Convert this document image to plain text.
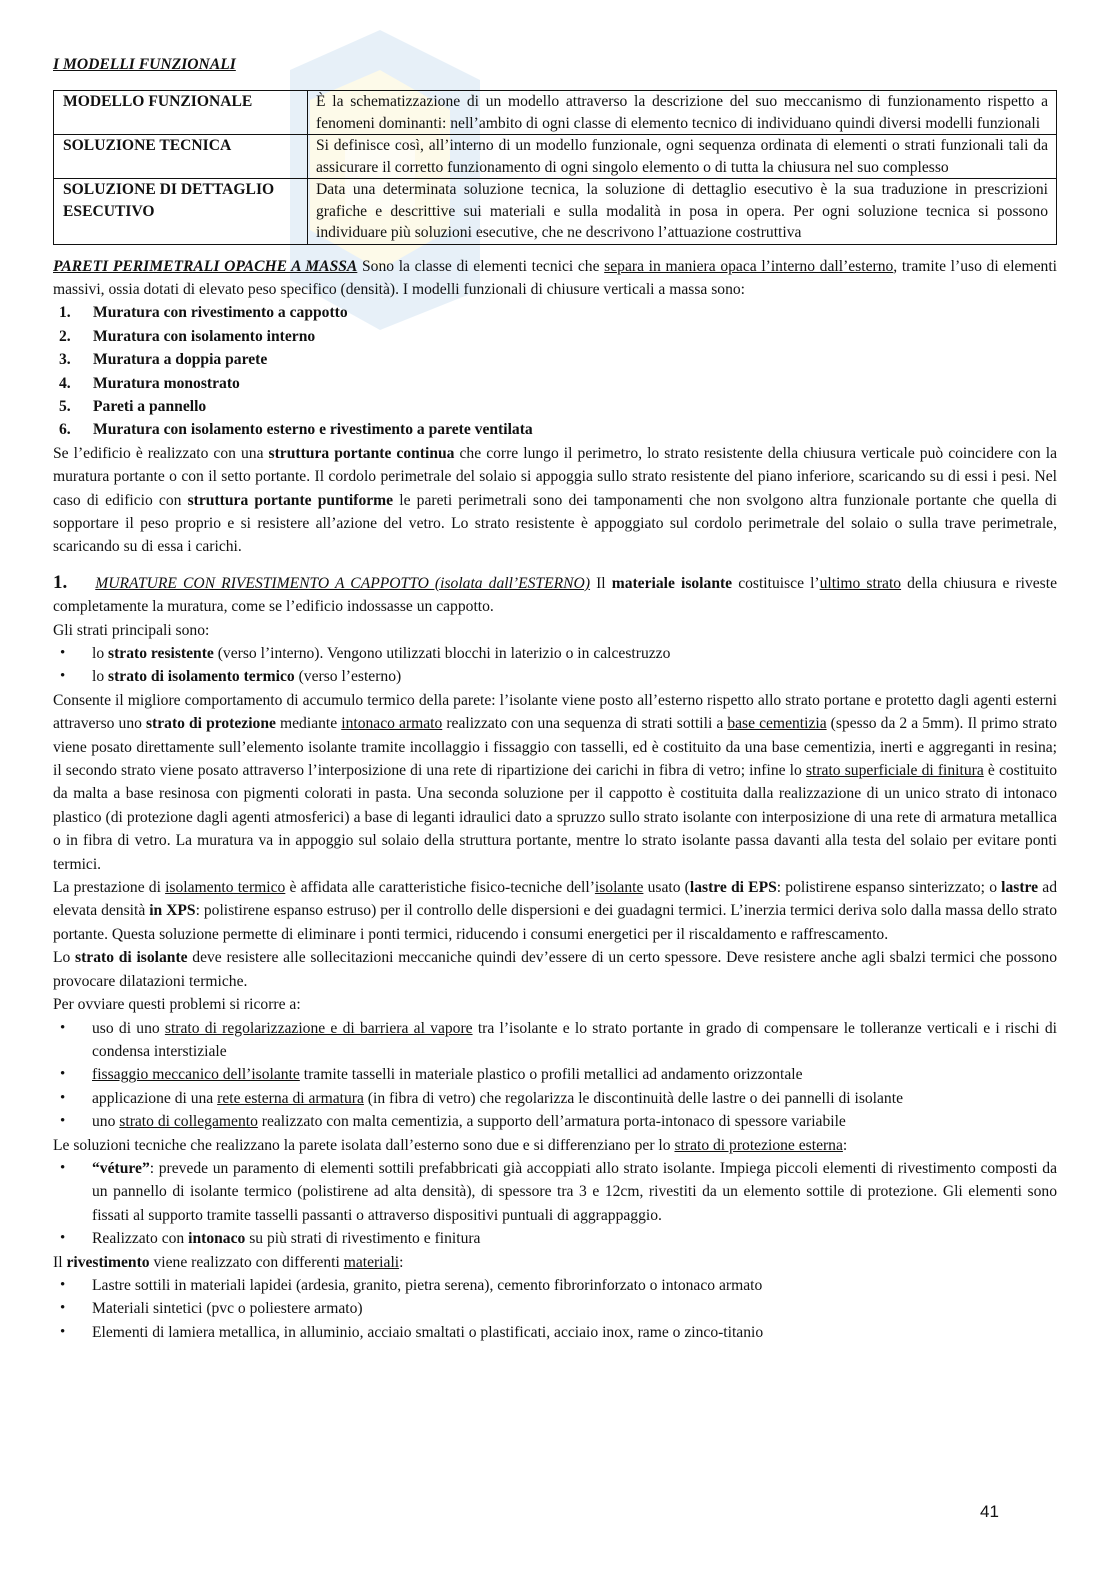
I MODELLI FUNZIONALI
MODELLO FUNZIONALE	È la schematizzazione di un modello attraverso la descrizione del suo meccanismo di funzionamento rispetto a fenomeni dominanti: nell’ambito di ogni classe di elemento tecnico di individuano quindi diversi modelli funzionali
SOLUZIONE TECNICA	Si definisce così, all’interno di un modello funzionale, ogni sequenza ordinata di elementi o strati funzionali tali da assicurare il corretto funzionamento di ogni singolo elemento o di tutta la chiusura nel suo complesso
SOLUZIONE DI DETTAGLIO ESECUTIVO	Data una determinata soluzione tecnica, la soluzione di dettaglio esecutivo è la sua traduzione in prescrizioni grafiche e descrittive sui materiali e sulla modalità in posa in opera. Per ogni soluzione tecnica si possono individuare più soluzioni esecutive, che ne descrivono l’attuazione costruttiva

PARETI PERIMETRALI OPACHE A MASSA Sono la classe di elementi tecnici che separa in maniera opaca l’interno dall’esterno, tramite l’uso di elementi massivi, ossia dotati di elevato peso specifico (densità). I modelli funzionali di chiusure verticali a massa sono:

1.	Muratura con rivestimento a cappotto
2.	Muratura con isolamento interno
3.	Muratura a doppia parete
4.	Muratura monostrato
5.	Pareti a pannello
6.	Muratura con isolamento esterno e rivestimento a parete ventilata

Se l’edificio è realizzato con una struttura portante continua che corre lungo il perimetro, lo strato resistente della chiusura verticale può coincidere con la muratura portante o con il setto portante. Il cordolo perimetrale del solaio si appoggia sullo strato resistente del piano inferiore, scaricando su di essi i pesi. Nel caso di edificio con struttura portante puntiforme le pareti perimetrali sono dei tamponamenti che non svolgono altra funzionale portante che quella di sopportare il peso proprio e si resistere all’azione del vetro. Lo strato resistente è appoggiato sul cordolo perimetrale del solaio o sulla trave perimetrale, scaricando su di essa i carichi.

1. MURATURE CON RIVESTIMENTO A CAPPOTTO (isolata dall’ESTERNO) Il materiale isolante costituisce l’ultimo strato della chiusura e riveste completamente la muratura, come se l’edificio indossasse un cappotto.

Gli strati principali sono:

• lo strato resistente (verso l’interno). Vengono utilizzati blocchi in laterizio o in calcestruzzo
• lo strato di isolamento termico (verso l’esterno)

Consente il migliore comportamento di accumulo termico della parete: l’isolante viene posto all’esterno rispetto allo strato portane e protetto dagli agenti esterni attraverso uno strato di protezione mediante intonaco armato realizzato con una sequenza di strati sottili a base cementizia (spesso da 2 a 5mm). Il primo strato viene posato direttamente sull’elemento isolante tramite incollaggio i fissaggio con tasselli, ed è costituito da una base cementizia, inerti e aggreganti in resina; il secondo strato viene posato attraverso l’interposizione di una rete di ripartizione dei carichi in fibra di vetro; infine lo strato superficiale di finitura è costituito da malta a base resinosa con pigmenti colorati in pasta. Una seconda soluzione per il cappotto è costituita dalla realizzazione di un unico strato di intonaco plastico (di protezione dagli agenti atmosferici) a base di leganti idraulici dato a spruzzo sullo strato isolante con interposizione di una rete di armatura metallica o in fibra di vetro. La muratura va in appoggio sul solaio della struttura portante, mentre lo strato isolante passa davanti alla testa del solaio per evitare ponti termici.

La prestazione di isolamento termico è affidata alle caratteristiche fisico-tecniche dell’isolante usato (lastre di EPS: polistirene espanso sinterizzato; o lastre ad elevata densità in XPS: polistirene espanso estruso) per il controllo delle dispersioni e dei guadagni termici. L’inerzia termici deriva solo dalla massa dello strato portante. Questa soluzione permette di eliminare i ponti termici, riducendo i consumi energetici per il riscaldamento e raffrescamento.

Lo strato di isolante deve resistere alle sollecitazioni meccaniche quindi dev’essere di un certo spessore. Deve resistere anche agli sbalzi termici che possono provocare dilatazioni termiche.

Per ovviare questi problemi si ricorre a:

• uso di uno strato di regolarizzazione e di barriera al vapore tra l’isolante e lo strato portante in grado di compensare le tolleranze verticali e i rischi di condensa interstiziale
• fissaggio meccanico dell’isolante tramite tasselli in materiale plastico o profili metallici ad andamento orizzontale
• applicazione di una rete esterna di armatura (in fibra di vetro) che regolarizza le discontinuità delle lastre o dei pannelli di isolante
• uno strato di collegamento realizzato con malta cementizia, a supporto dell’armatura porta-intonaco di spessore variabile

Le soluzioni tecniche che realizzano la parete isolata dall’esterno sono due e si differenziano per lo strato di protezione esterna:

• “véture”: prevede un paramento di elementi sottili prefabbricati già accoppiati allo strato isolante. Impiega piccoli elementi di rivestimento composti da un pannello di isolante termico (polistirene ad alta densità), di spessore tra 3 e 12cm, rivestiti da un elemento sottile di protezione. Gli elementi sono fissati al supporto tramite tasselli passanti o attraverso dispositivi puntuali di aggrappaggio.
• Realizzato con intonaco su più strati di rivestimento e finitura

Il rivestimento viene realizzato con differenti materiali:

• Lastre sottili in materiali lapidei (ardesia, granito, pietra serena), cemento fibrorinforzato o intonaco armato
• Materiali sintetici (pvc o poliestere armato)
• Elementi di lamiera metallica, in alluminio, acciaio smaltati o plastificati, acciaio inox, rame o zinco-titanio
41
